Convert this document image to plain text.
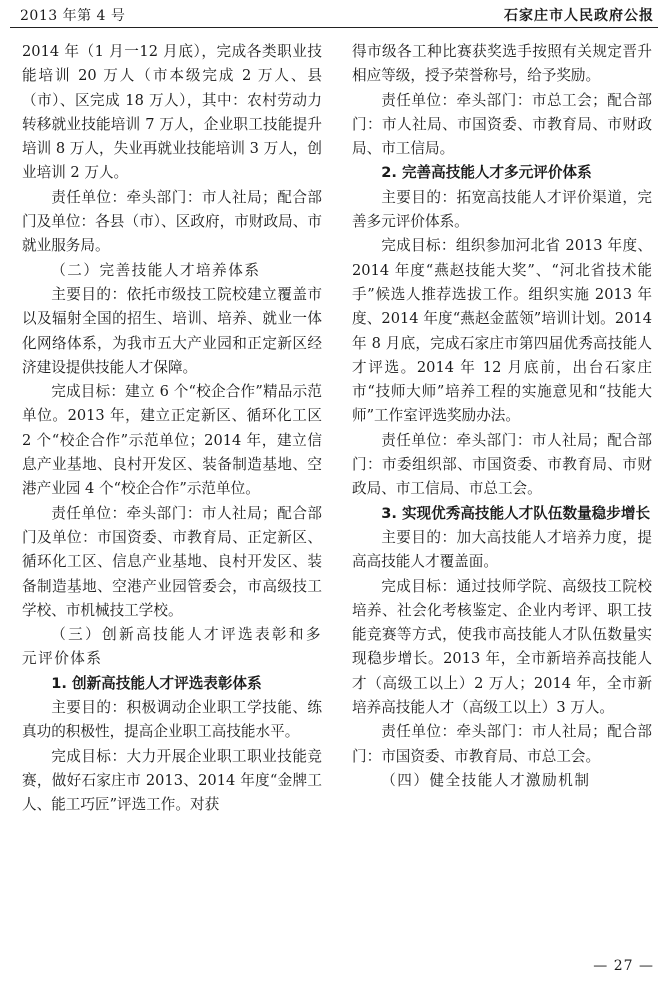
2013 年第 4 号	石家庄市人民政府公报

2014 年（1 月一12 月底），完成各类职业技能培训 20 万人（市本级完成 2 万人、县（市）、区完成 18 万人），其中：农村劳动力转移就业技能培训 7 万人，企业职工技能提升培训 8 万人，失业再就业技能培训 3 万人，创业培训 2 万人。

责任单位：牵头部门：市人社局；配合部门及单位：各县（市）、区政府，市财政局、市就业服务局。

（二）完善技能人才培养体系

主要目的：依托市级技工院校建立覆盖市以及辐射全国的招生、培训、培养、就业一体化网络体系，为我市五大产业园和正定新区经济建设提供技能人才保障。

完成目标：建立 6 个“校企合作”精品示范单位。2013 年，建立正定新区、循环化工区 2 个“校企合作”示范单位；2014 年，建立信息产业基地、良村开发区、装备制造基地、空港产业园 4 个“校企合作”示范单位。

责任单位：牵头部门：市人社局；配合部门及单位：市国资委、市教育局、正定新区、循环化工区、信息产业基地、良村开发区、装备制造基地、空港产业园管委会，市高级技工学校、市机械技工学校。

（三）创新高技能人才评选表彰和多元评价体系

1. 创新高技能人才评选表彰体系

主要目的：积极调动企业职工学技能、练真功的积极性，提高企业职工高技能水平。

完成目标：大力开展企业职工职业技能竞赛，做好石家庄市 2013、2014 年度“金牌工人、能工巧匠”评选工作。对获

得市级各工种比赛获奖选手按照有关规定晋升相应等级，授予荣誉称号，给予奖励。

责任单位：牵头部门：市总工会；配合部门：市人社局、市国资委、市教育局、市财政局、市工信局。

2. 完善高技能人才多元评价体系

主要目的：拓宽高技能人才评价渠道，完善多元评价体系。

完成目标：组织参加河北省 2013 年度、2014 年度“燕赵技能大奖”、“河北省技术能手”候选人推荐选拔工作。组织实施 2013 年度、2014 年度“燕赵金蓝领”培训计划。2014 年 8 月底，完成石家庄市第四届优秀高技能人才评选。2014 年 12 月底前，出台石家庄市“技师大师”培养工程的实施意见和“技能大师”工作室评选奖励办法。

责任单位：牵头部门：市人社局；配合部门：市委组织部、市国资委、市教育局、市财政局、市工信局、市总工会。

3. 实现优秀高技能人才队伍数量稳步增长

主要目的：加大高技能人才培养力度，提高高技能人才覆盖面。

完成目标：通过技师学院、高级技工院校培养、社会化考核鉴定、企业内考评、职工技能竞赛等方式，使我市高技能人才队伍数量实现稳步增长。2013 年，全市新培养高技能人才（高级工以上）2 万人；2014 年，全市新培养高技能人才（高级工以上）3 万人。

责任单位：牵头部门：市人社局；配合部门：市国资委、市教育局、市总工会。

（四）健全技能人才激励机制

— 27 —
